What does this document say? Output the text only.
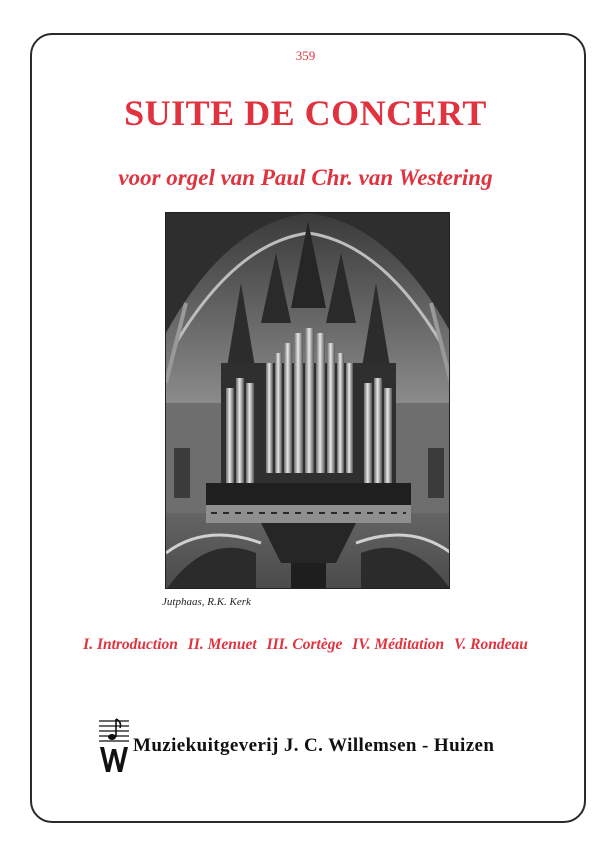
359
SUITE DE CONCERT
voor orgel van Paul Chr. van Westering
Jutphaas, R.K. Kerk
I. Introduction II. Menuet III. Cortège IV. Méditation V. Rondeau
Muziekuitgeverij J. C. Willemsen - Huizen
